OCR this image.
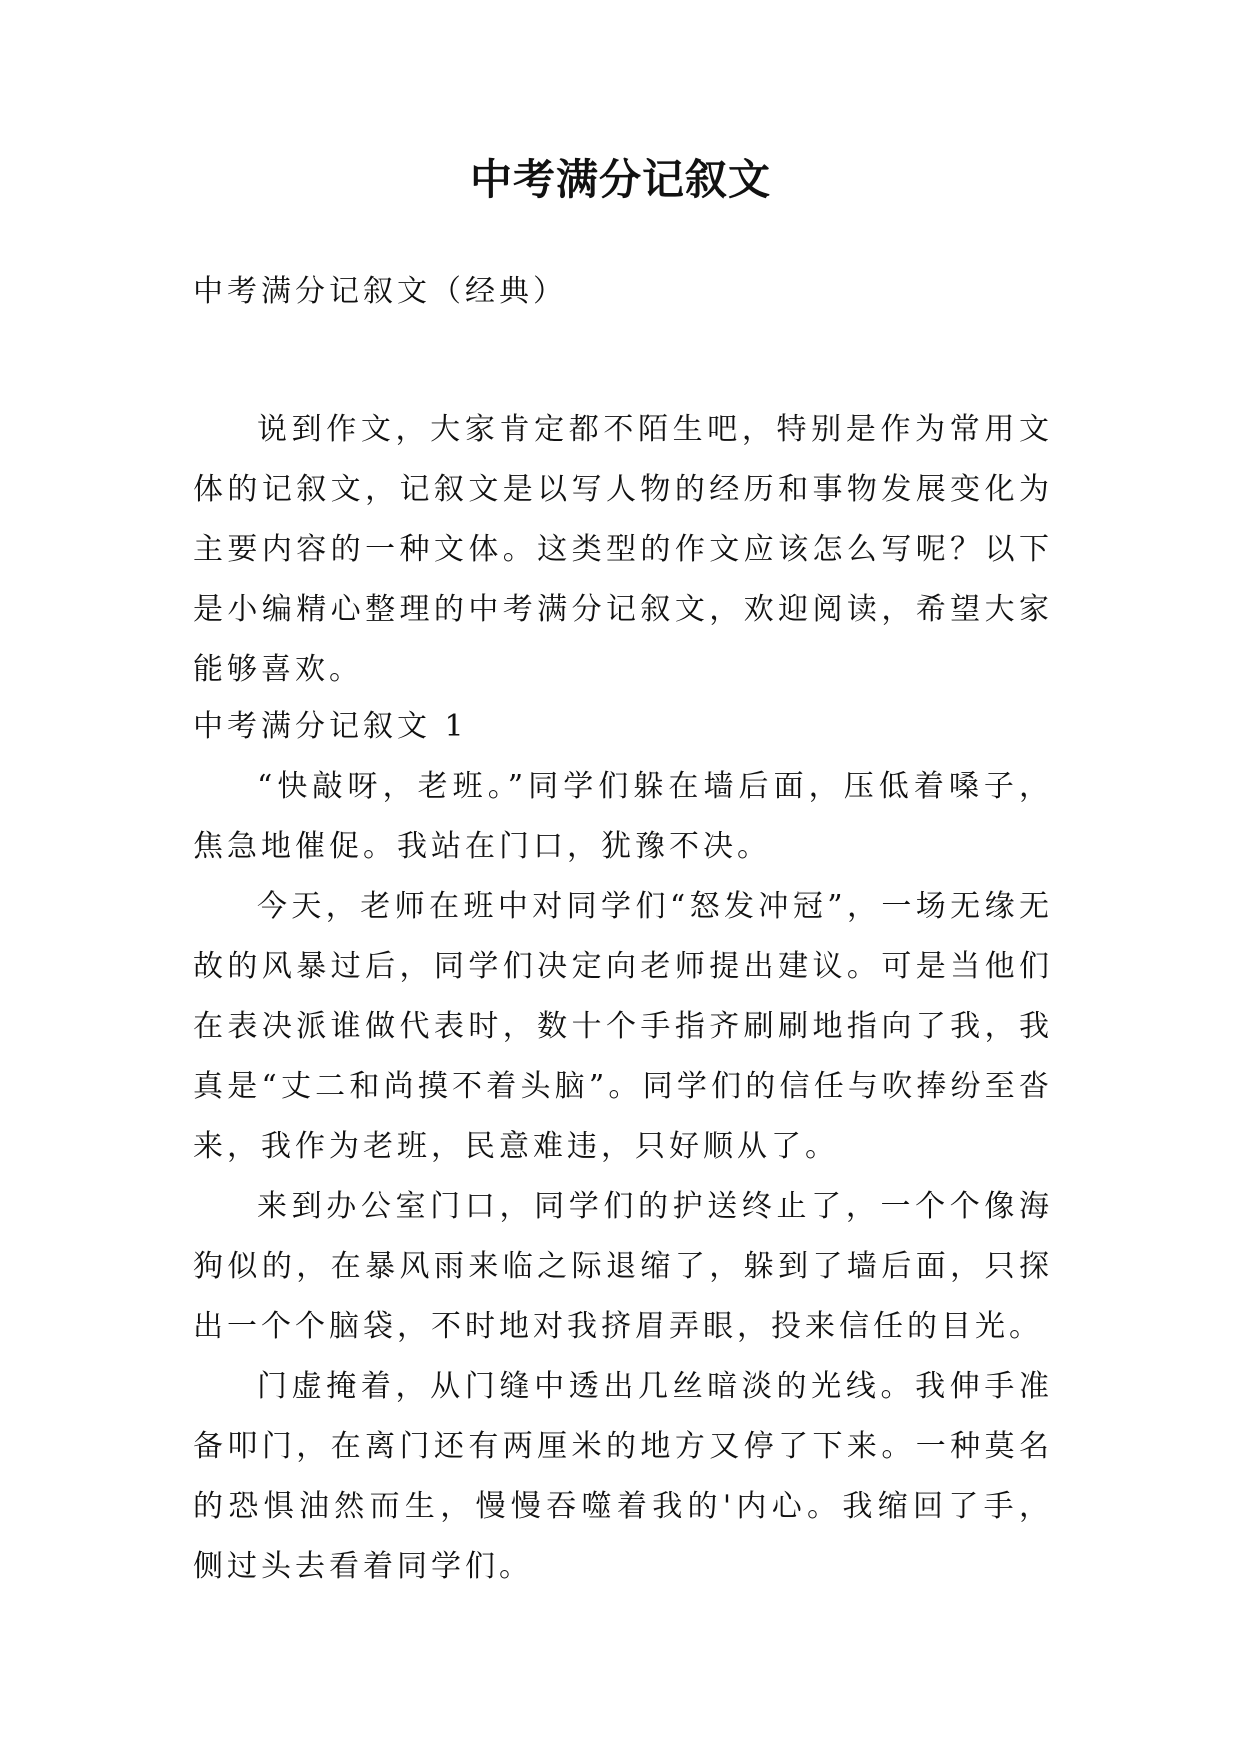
中考满分记叙文

中考满分记叙文（经典）

说到作文，大家肯定都不陌生吧，特别是作为常用文体的记叙文，记叙文是以写人物的经历和事物发展变化为主要内容的一种文体。这类型的作文应该怎么写呢？以下是小编精心整理的中考满分记叙文，欢迎阅读，希望大家能够喜欢。

中考满分记叙文 1

“快敲呀，老班。”同学们躲在墙后面，压低着嗓子，焦急地催促。我站在门口，犹豫不决。

今天，老师在班中对同学们“怒发冲冠”，一场无缘无故的风暴过后，同学们决定向老师提出建议。可是当他们在表决派谁做代表时，数十个手指齐刷刷地指向了我，我真是“丈二和尚摸不着头脑”。同学们的信任与吹捧纷至沓来，我作为老班，民意难违，只好顺从了。

来到办公室门口，同学们的护送终止了，一个个像海狗似的，在暴风雨来临之际退缩了，躲到了墙后面，只探出一个个脑袋，不时地对我挤眉弄眼，投来信任的目光。

门虚掩着，从门缝中透出几丝暗淡的光线。我伸手准备叩门，在离门还有两厘米的地方又停了下来。一种莫名的恐惧油然而生，慢慢吞噬着我的'内心。我缩回了手，侧过头去看着同学们。
